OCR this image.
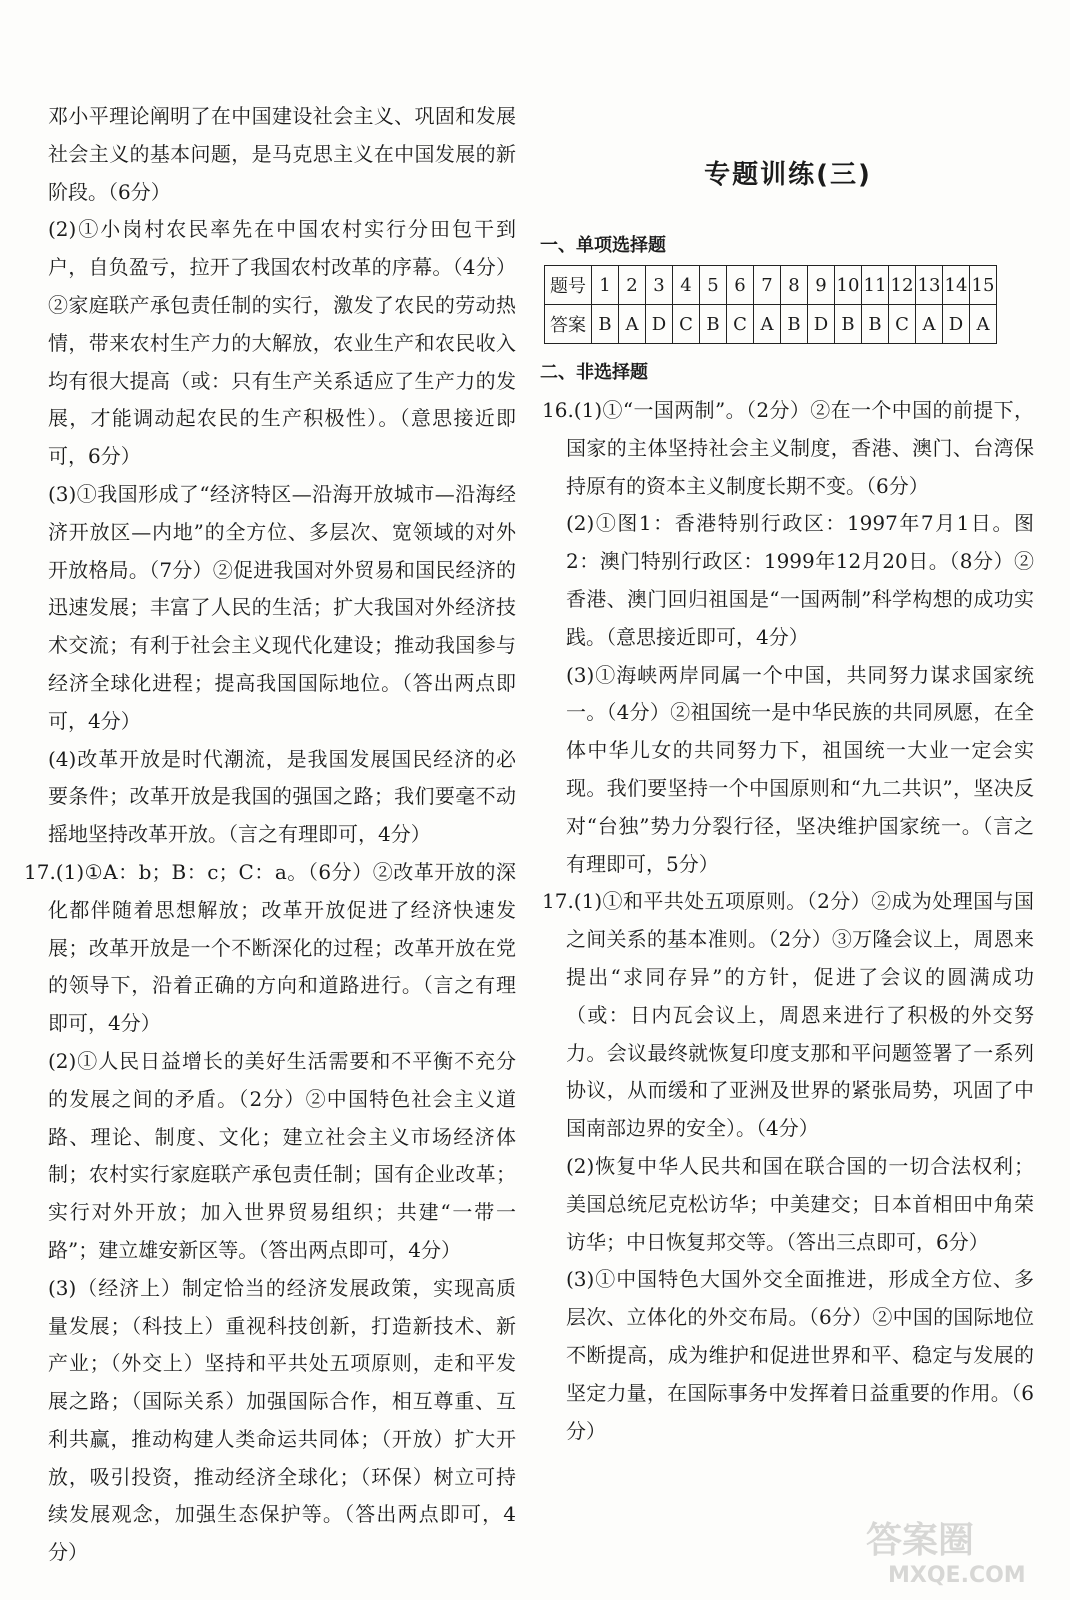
邓小平理论阐明了在中国建设社会主义、巩固和发展社会主义的基本问题，是马克思主义在中国发展的新阶段。（6分）

(2)①小岗村农民率先在中国农村实行分田包干到户，自负盈亏，拉开了我国农村改革的序幕。（4分）②家庭联产承包责任制的实行，激发了农民的劳动热情，带来农村生产力的大解放，农业生产和农民收入均有很大提高（或：只有生产关系适应了生产力的发展，才能调动起农民的生产积极性）。（意思接近即可，6分）

(3)①我国形成了“经济特区—沿海开放城市—沿海经济开放区—内地”的全方位、多层次、宽领域的对外开放格局。（7分）②促进我国对外贸易和国民经济的迅速发展；丰富了人民的生活；扩大我国对外经济技术交流；有利于社会主义现代化建设；推动我国参与经济全球化进程；提高我国国际地位。（答出两点即可，4分）

(4)改革开放是时代潮流，是我国发展国民经济的必要条件；改革开放是我国的强国之路；我们要毫不动摇地坚持改革开放。（言之有理即可，4分）

17.(1)①A：b；B：c；C：a。（6分）②改革开放的深化都伴随着思想解放；改革开放促进了经济快速发展；改革开放是一个不断深化的过程；改革开放在党的领导下，沿着正确的方向和道路进行。（言之有理即可，4分）

(2)①人民日益增长的美好生活需要和不平衡不充分的发展之间的矛盾。（2分）②中国特色社会主义道路、理论、制度、文化；建立社会主义市场经济体制；农村实行家庭联产承包责任制；国有企业改革；实行对外开放；加入世界贸易组织；共建“一带一路”；建立雄安新区等。（答出两点即可，4分）

(3)（经济上）制定恰当的经济发展政策，实现高质量发展；（科技上）重视科技创新，打造新技术、新产业；（外交上）坚持和平共处五项原则，走和平发展之路；（国际关系）加强国际合作，相互尊重、互利共赢，推动构建人类命运共同体；（开放）扩大开放，吸引投资，推动经济全球化；（环保）树立可持续发展观念，加强生态保护等。（答出两点即可，4分）

专题训练(三)
一、单项选择题
题号	1	2	3	4	5	6	7	8	9	10	11	12	13	14	15
答案	B	A	D	C	B	C	A	B	D	B	B	C	A	D	A
二、非选择题

16.(1)①“一国两制”。（2分）②在一个中国的前提下，国家的主体坚持社会主义制度，香港、澳门、台湾保持原有的资本主义制度长期不变。（6分）

(2)①图1：香港特别行政区：1997年7月1日。图2：澳门特别行政区：1999年12月20日。（8分）②香港、澳门回归祖国是“一国两制”科学构想的成功实践。（意思接近即可，4分）

(3)①海峡两岸同属一个中国，共同努力谋求国家统一。（4分）②祖国统一是中华民族的共同夙愿，在全体中华儿女的共同努力下，祖国统一大业一定会实现。我们要坚持一个中国原则和“九二共识”，坚决反对“台独”势力分裂行径，坚决维护国家统一。（言之有理即可，5分）

17.(1)①和平共处五项原则。（2分）②成为处理国与国之间关系的基本准则。（2分）③万隆会议上，周恩来提出“求同存异”的方针，促进了会议的圆满成功（或：日内瓦会议上，周恩来进行了积极的外交努力。会议最终就恢复印度支那和平问题签署了一系列协议，从而缓和了亚洲及世界的紧张局势，巩固了中国南部边界的安全）。（4分）

(2)恢复中华人民共和国在联合国的一切合法权利；美国总统尼克松访华；中美建交；日本首相田中角荣访华；中日恢复邦交等。（答出三点即可，6分）

(3)①中国特色大国外交全面推进，形成全方位、多层次、立体化的外交布局。（6分）②中国的国际地位不断提高，成为维护和促进世界和平、稳定与发展的坚定力量，在国际事务中发挥着日益重要的作用。（6分）

答案圈
MXQE.COM
